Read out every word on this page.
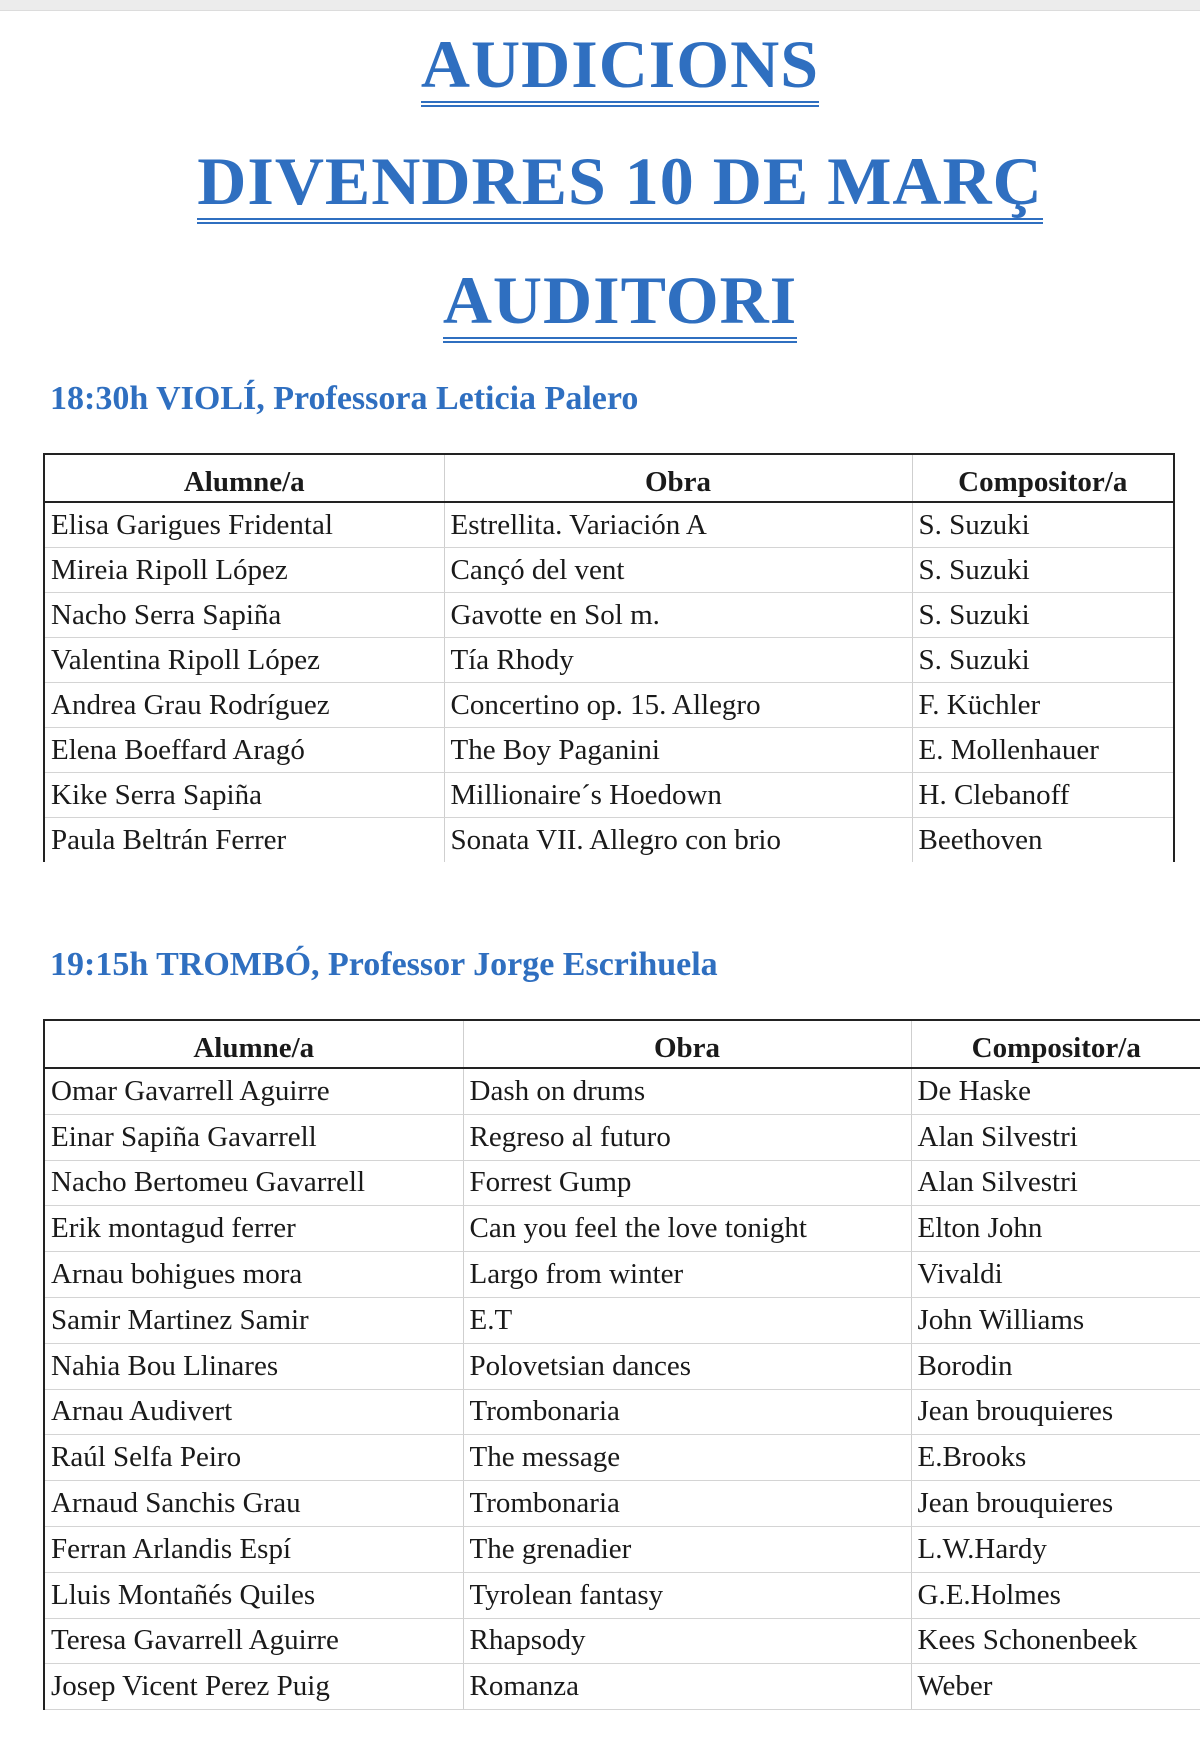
AUDICIONS
DIVENDRES 10 DE MARÇ
AUDITORI
18:30h VIOLÍ, Professora Leticia Palero
Alumne/a	Obra	Compositor/a
Elisa Garigues Fridental	Estrellita. Variación A	S. Suzuki
Mireia Ripoll López	Cançó del vent	S. Suzuki
Nacho Serra Sapiña	Gavotte en Sol m.	S. Suzuki
Valentina Ripoll López	Tía Rhody	S. Suzuki
Andrea Grau Rodríguez	Concertino op. 15. Allegro	F. Küchler
Elena Boeffard Aragó	The Boy Paganini	E. Mollenhauer
Kike Serra Sapiña	Millionaire´s Hoedown	H. Clebanoff
Paula Beltrán Ferrer	Sonata VII. Allegro con brio	Beethoven
19:15h TROMBÓ, Professor Jorge Escrihuela
Alumne/a	Obra	Compositor/a
Omar Gavarrell Aguirre	Dash on drums	De Haske
Einar Sapiña Gavarrell	Regreso al futuro	Alan Silvestri
Nacho Bertomeu Gavarrell	Forrest Gump	Alan Silvestri
Erik montagud ferrer	Can you feel the love tonight	Elton John
Arnau bohigues mora	Largo from winter	Vivaldi
Samir Martinez Samir	E.T	John Williams
Nahia Bou Llinares	Polovetsian dances	Borodin
Arnau Audivert	Trombonaria	Jean brouquieres
Raúl Selfa Peiro	The message	E.Brooks
Arnaud Sanchis Grau	Trombonaria	Jean brouquieres
Ferran Arlandis Espí	The grenadier	L.W.Hardy
Lluis Montañés Quiles	Tyrolean fantasy	G.E.Holmes
Teresa Gavarrell Aguirre	Rhapsody	Kees Schonenbeek
Josep Vicent Perez Puig	Romanza	Weber
